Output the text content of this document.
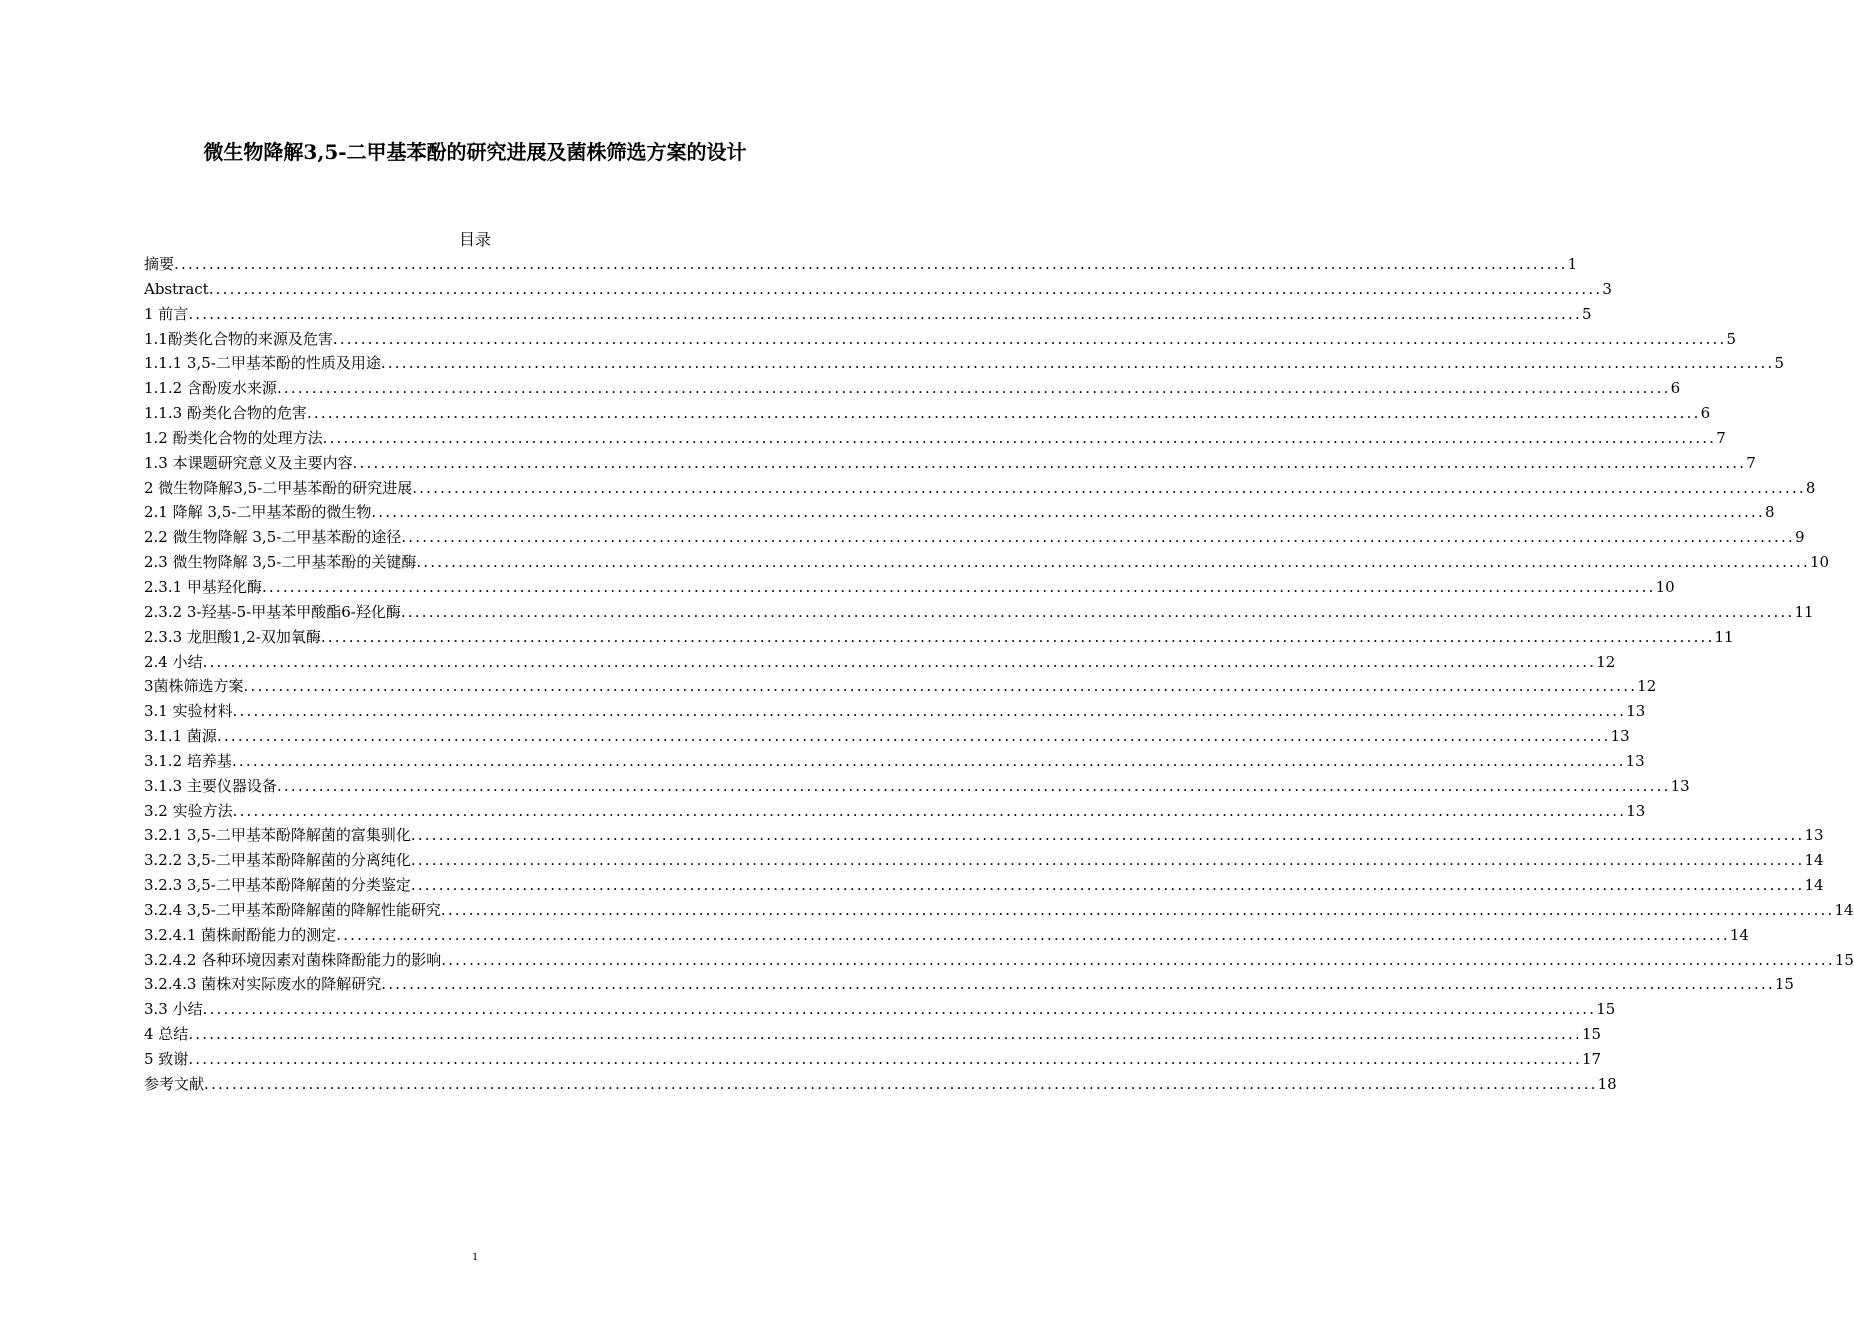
微生物降解3,5-二甲基苯酚的研究进展及菌株筛选方案的设计
目录
摘要 ........................................................................................................................................................................................................ 1
Abstract ........................................................................................................................................................................................................ 3
1 前言 ........................................................................................................................................................................................................ 5
1.1酚类化合物的来源及危害 ........................................................................................................................................................................................................ 5
1.1.1 3,5-二甲基苯酚的性质及用途 ........................................................................................................................................................................................................ 5
1.1.2 含酚废水来源 ........................................................................................................................................................................................................ 6
1.1.3 酚类化合物的危害 ........................................................................................................................................................................................................ 6
1.2 酚类化合物的处理方法 ........................................................................................................................................................................................................ 7
1.3 本课题研究意义及主要内容 ........................................................................................................................................................................................................ 7
2 微生物降解3,5-二甲基苯酚的研究进展 ........................................................................................................................................................................................................ 8
2.1 降解 3,5-二甲基苯酚的微生物 ........................................................................................................................................................................................................ 8
2.2 微生物降解 3,5-二甲基苯酚的途径 ........................................................................................................................................................................................................ 9
2.3 微生物降解 3,5-二甲基苯酚的关键酶 ........................................................................................................................................................................................................ 10
2.3.1 甲基羟化酶 ........................................................................................................................................................................................................ 10
2.3.2 3-羟基-5-甲基苯甲酸酯6-羟化酶 ........................................................................................................................................................................................................ 11
2.3.3 龙胆酸1,2-双加氧酶 ........................................................................................................................................................................................................ 11
2.4 小结 ........................................................................................................................................................................................................ 12
3菌株筛选方案 ........................................................................................................................................................................................................ 12
3.1 实验材料 ........................................................................................................................................................................................................ 13
3.1.1 菌源 ........................................................................................................................................................................................................ 13
3.1.2 培养基 ........................................................................................................................................................................................................ 13
3.1.3 主要仪器设备 ........................................................................................................................................................................................................ 13
3.2 实验方法 ........................................................................................................................................................................................................ 13
3.2.1 3,5-二甲基苯酚降解菌的富集驯化 ........................................................................................................................................................................................................ 13
3.2.2 3,5-二甲基苯酚降解菌的分离纯化 ........................................................................................................................................................................................................ 14
3.2.3 3,5-二甲基苯酚降解菌的分类鉴定 ........................................................................................................................................................................................................ 14
3.2.4 3,5-二甲基苯酚降解菌的降解性能研究 ........................................................................................................................................................................................................ 14
3.2.4.1 菌株耐酚能力的测定 ........................................................................................................................................................................................................ 14
3.2.4.2 各种环境因素对菌株降酚能力的影响 ........................................................................................................................................................................................................ 15
3.2.4.3 菌株对实际废水的降解研究 ........................................................................................................................................................................................................ 15
3.3 小结 ........................................................................................................................................................................................................ 15
4 总结 ........................................................................................................................................................................................................ 15
5 致谢 ........................................................................................................................................................................................................ 17
参考文献 ........................................................................................................................................................................................................ 18
1
